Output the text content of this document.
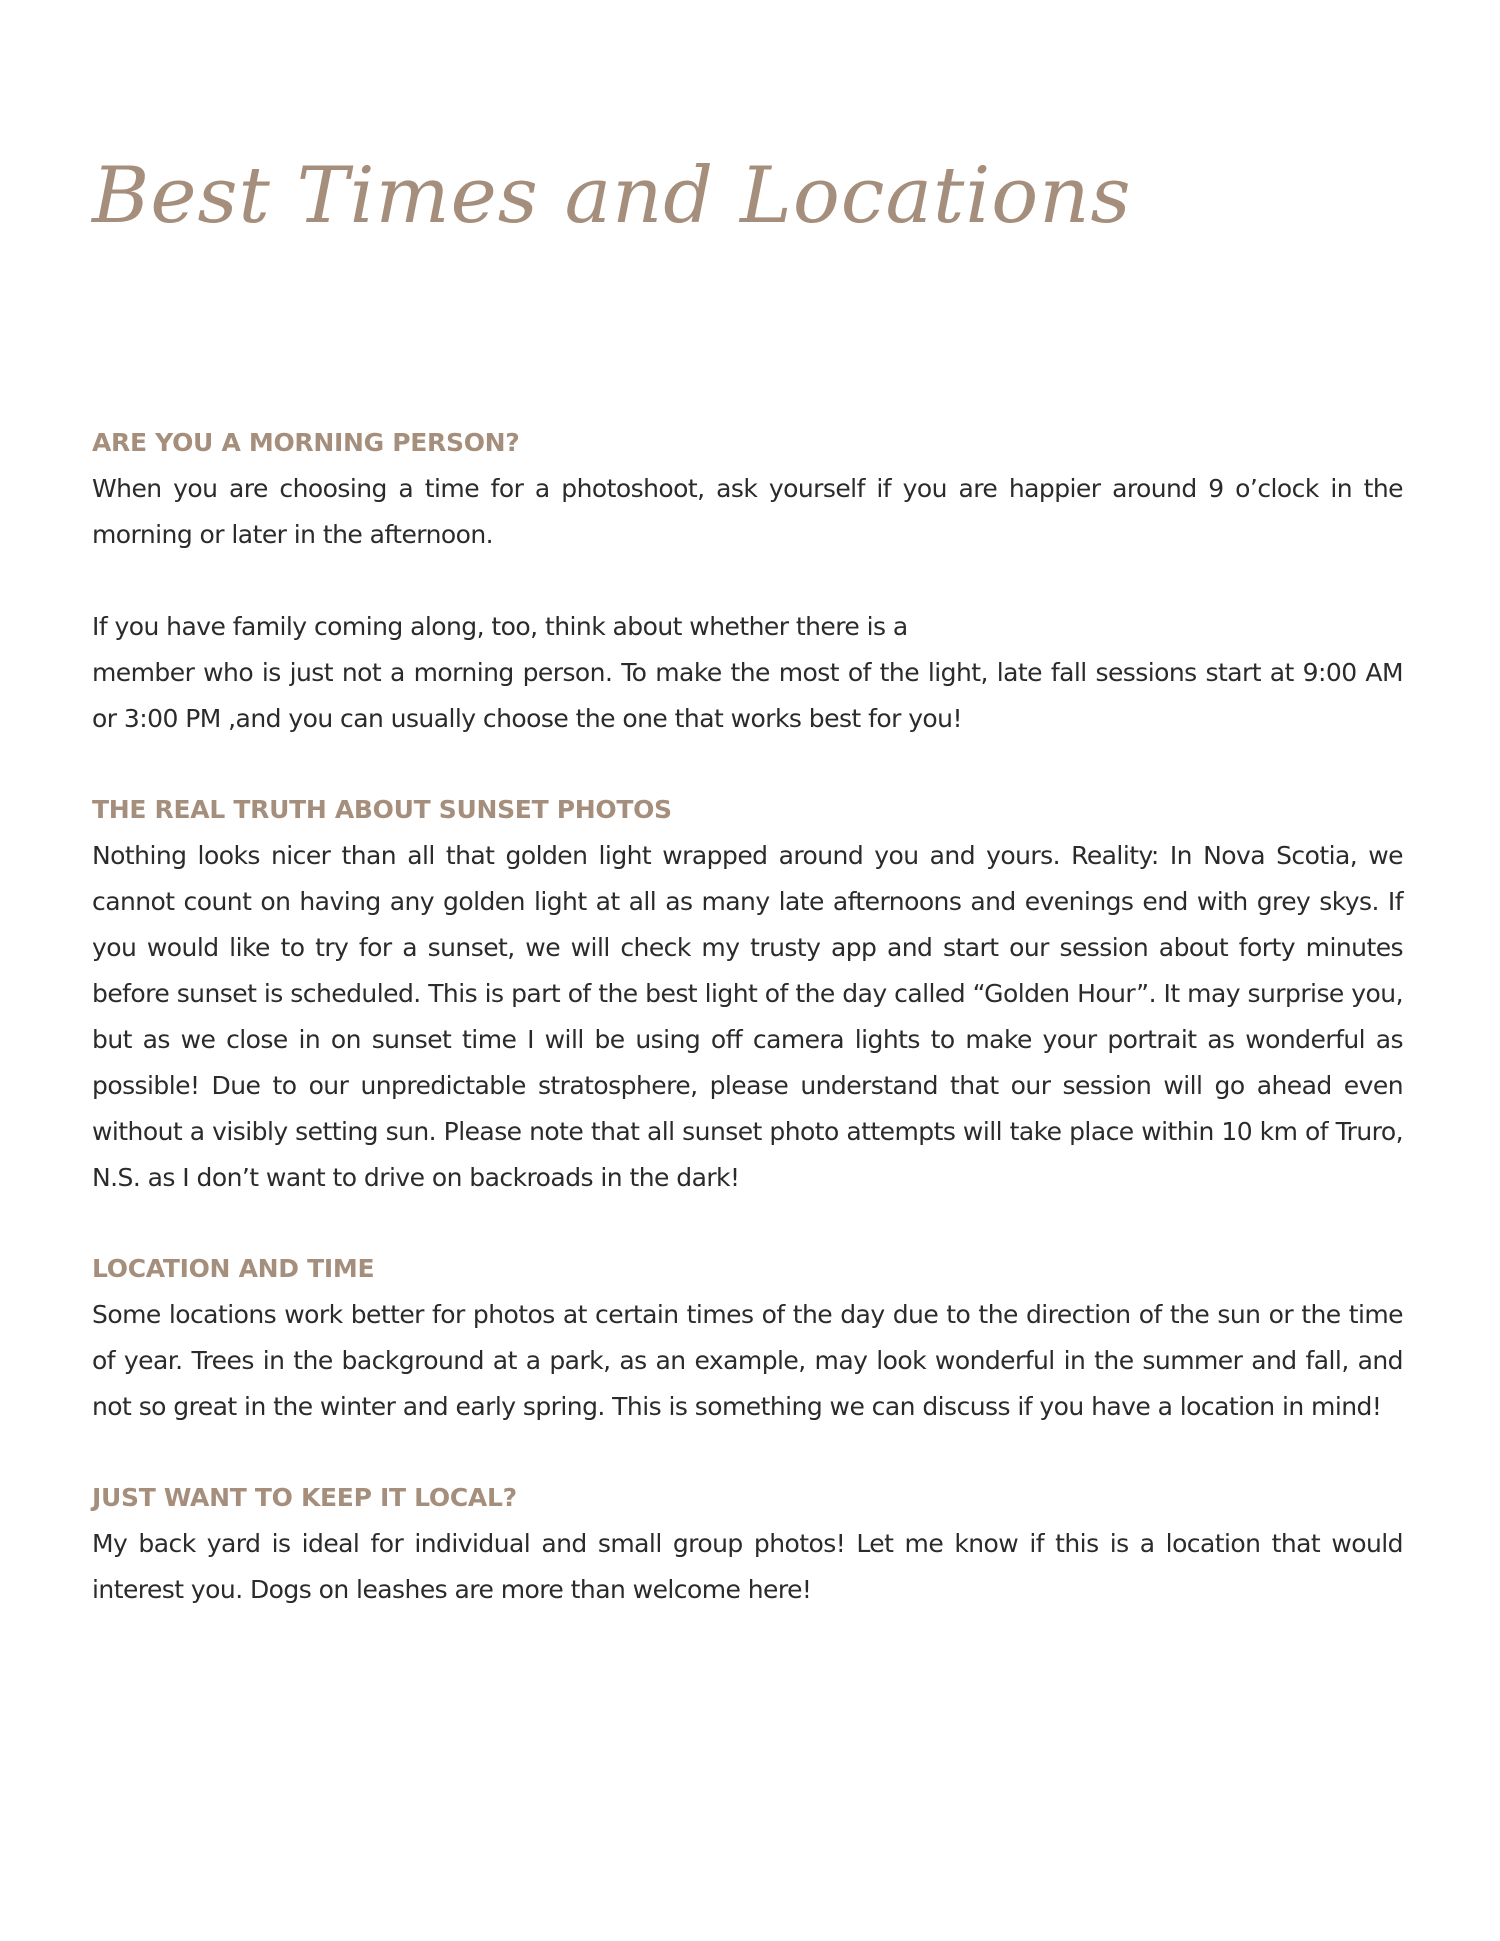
Best Times and Locations
ARE YOU A MORNING PERSON?

When you are choosing a time for a photoshoot, ask yourself if you are happier around 9 o’clock in the morning or later in the afternoon.

If you have family coming along, too, think about whether there is a

member who is just not a morning person. To make the most of the light, late fall sessions start at 9:00 AM or 3:00 PM ,and you can usually choose the one that works best for you!

THE REAL TRUTH ABOUT SUNSET PHOTOS

Nothing looks nicer than all that golden light wrapped around you and yours. Reality: In Nova Scotia, we cannot count on having any golden light at all as many late afternoons and evenings end with grey skys. If you would like to try for a sunset, we will check my trusty app and start our session about forty minutes before sunset is scheduled. This is part of the best light of the day called “Golden Hour”. It may surprise you, but as we close in on sunset time I will be using off camera lights to make your portrait as wonderful as possible! Due to our unpredictable stratosphere, please understand that our session will go ahead even without a visibly setting sun. Please note that all sunset photo attempts will take place within 10 km of Truro, N.S. as I don’t want to drive on backroads in the dark!

LOCATION AND TIME

Some locations work better for photos at certain times of the day due to the direction of the sun or the time of year. Trees in the background at a park, as an example, may look wonderful in the summer and fall, and not so great in the winter and early spring. This is something we can discuss if you have a location in mind!

JUST WANT TO KEEP IT LOCAL?

My back yard is ideal for individual and small group photos! Let me know if this is a location that would interest you. Dogs on leashes are more than welcome here!
